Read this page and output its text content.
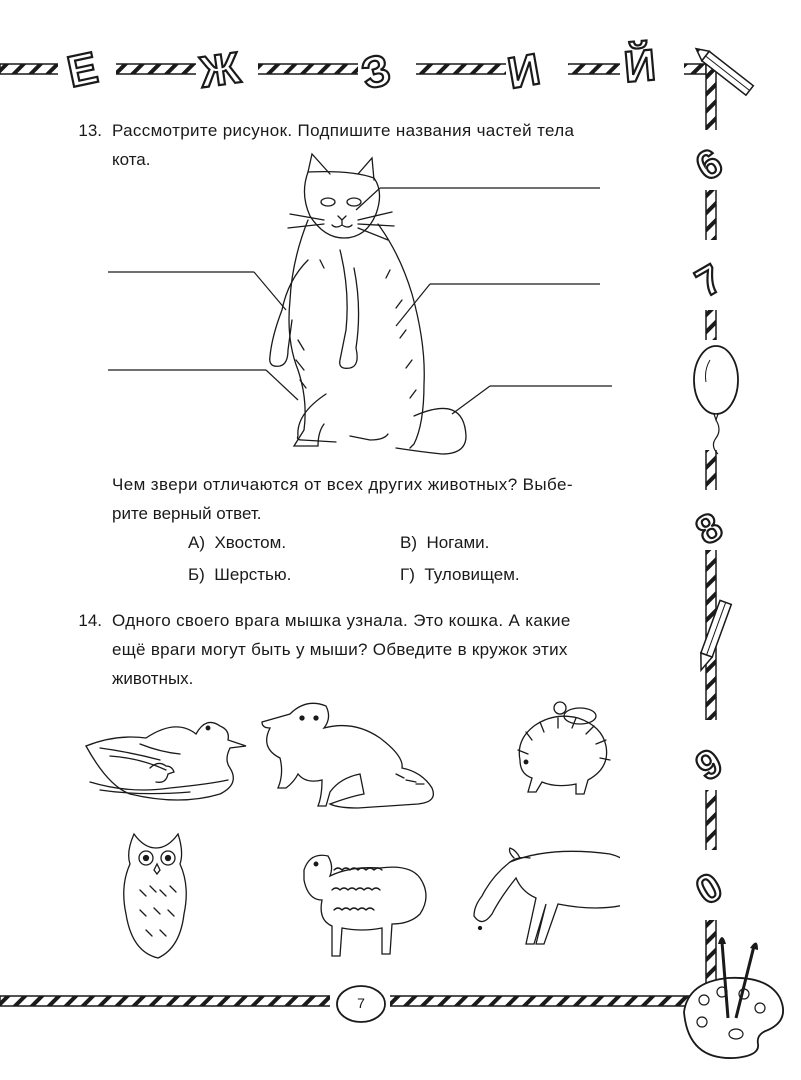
Е Ж	З И Й
6
7
8
9
0
13. Рассмотрите рисунок. Подпишите названия частей тела
кота.
Чем звери отличаются от всех других животных? Выбе-
рите верный ответ.
А) Хвостом.	В) Ногами.
Б) Шерстью.	Г) Туловищем.
14. Одного своего врага мышка узнала. Это кошка. А какие
ещё враги могут быть у мыши? Обведите в кружок этих
животных.
7
